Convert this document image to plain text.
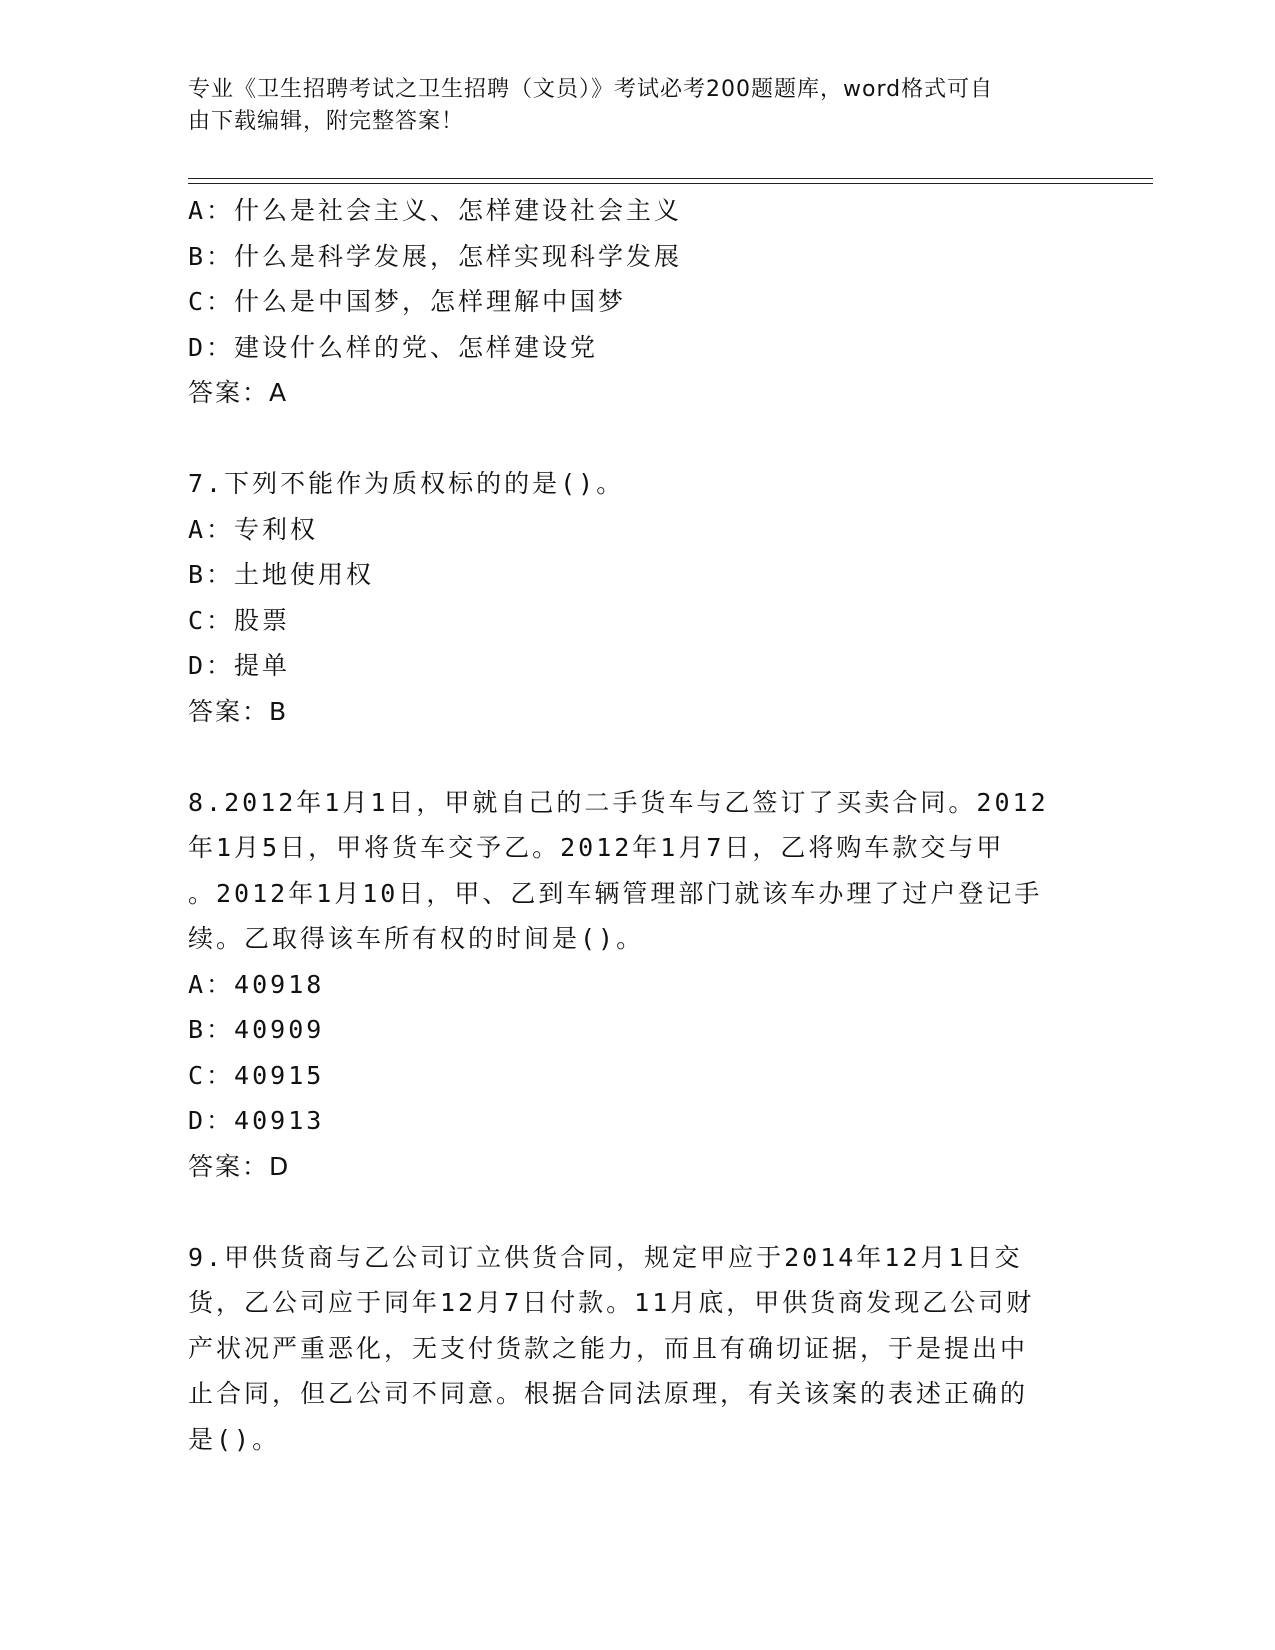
专业《卫生招聘考试之卫生招聘（文员）》考试必考200题题库，word格式可自
由下载编辑，附完整答案！
A：什么是社会主义、怎样建设社会主义
B：什么是科学发展，怎样实现科学发展
C：什么是中国梦，怎样理解中国梦
D：建设什么样的党、怎样建设党
答案：A
7.下列不能作为质权标的的是()。
A：专利权
B：土地使用权
C：股票
D：提单
答案：B
8.2012年1月1日，甲就自己的二手货车与乙签订了买卖合同。2012
年1月5日，甲将货车交予乙。2012年1月7日，乙将购车款交与甲
。2012年1月10日，甲、乙到车辆管理部门就该车办理了过户登记手
续。乙取得该车所有权的时间是()。
A：40918
B：40909
C：40915
D：40913
答案：D
9.甲供货商与乙公司订立供货合同，规定甲应于2014年12月1日交
货，乙公司应于同年12月7日付款。11月底，甲供货商发现乙公司财
产状况严重恶化，无支付货款之能力，而且有确切证据，于是提出中
止合同，但乙公司不同意。根据合同法原理，有关该案的表述正确的
是()。
